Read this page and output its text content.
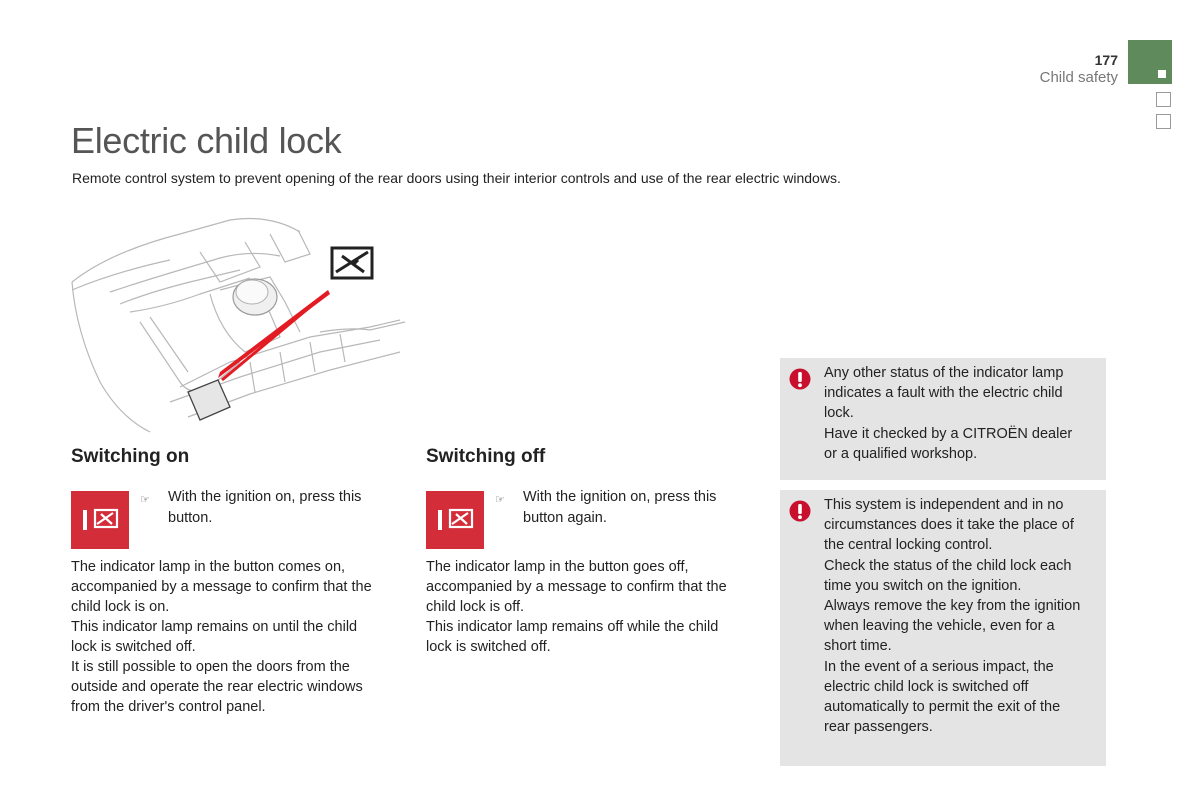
177
Child safety
Electric child lock
Remote control system to prevent opening of the rear doors using their interior controls and use of the rear electric windows.
Switching on
☞ With the ignition on, press this button.
The indicator lamp in the button comes on,
accompanied by a message to confirm that the
child lock is on.
This indicator lamp remains on until the child
lock is switched off.
It is still possible to open the doors from the
outside and operate the rear electric windows
from the driver's control panel.
Switching off
☞ With the ignition on, press this button again.
The indicator lamp in the button goes off,
accompanied by a message to confirm that the
child lock is off.
This indicator lamp remains off while the child
lock is switched off.
Any other status of the indicator lamp
indicates a fault with the electric child
lock.
Have it checked by a CITROËN dealer
or a qualified workshop.
This system is independent and in no
circumstances does it take the place of
the central locking control.
Check the status of the child lock each
time you switch on the ignition.
Always remove the key from the ignition
when leaving the vehicle, even for a
short time.
In the event of a serious impact, the
electric child lock is switched off
automatically to permit the exit of the
rear passengers.
